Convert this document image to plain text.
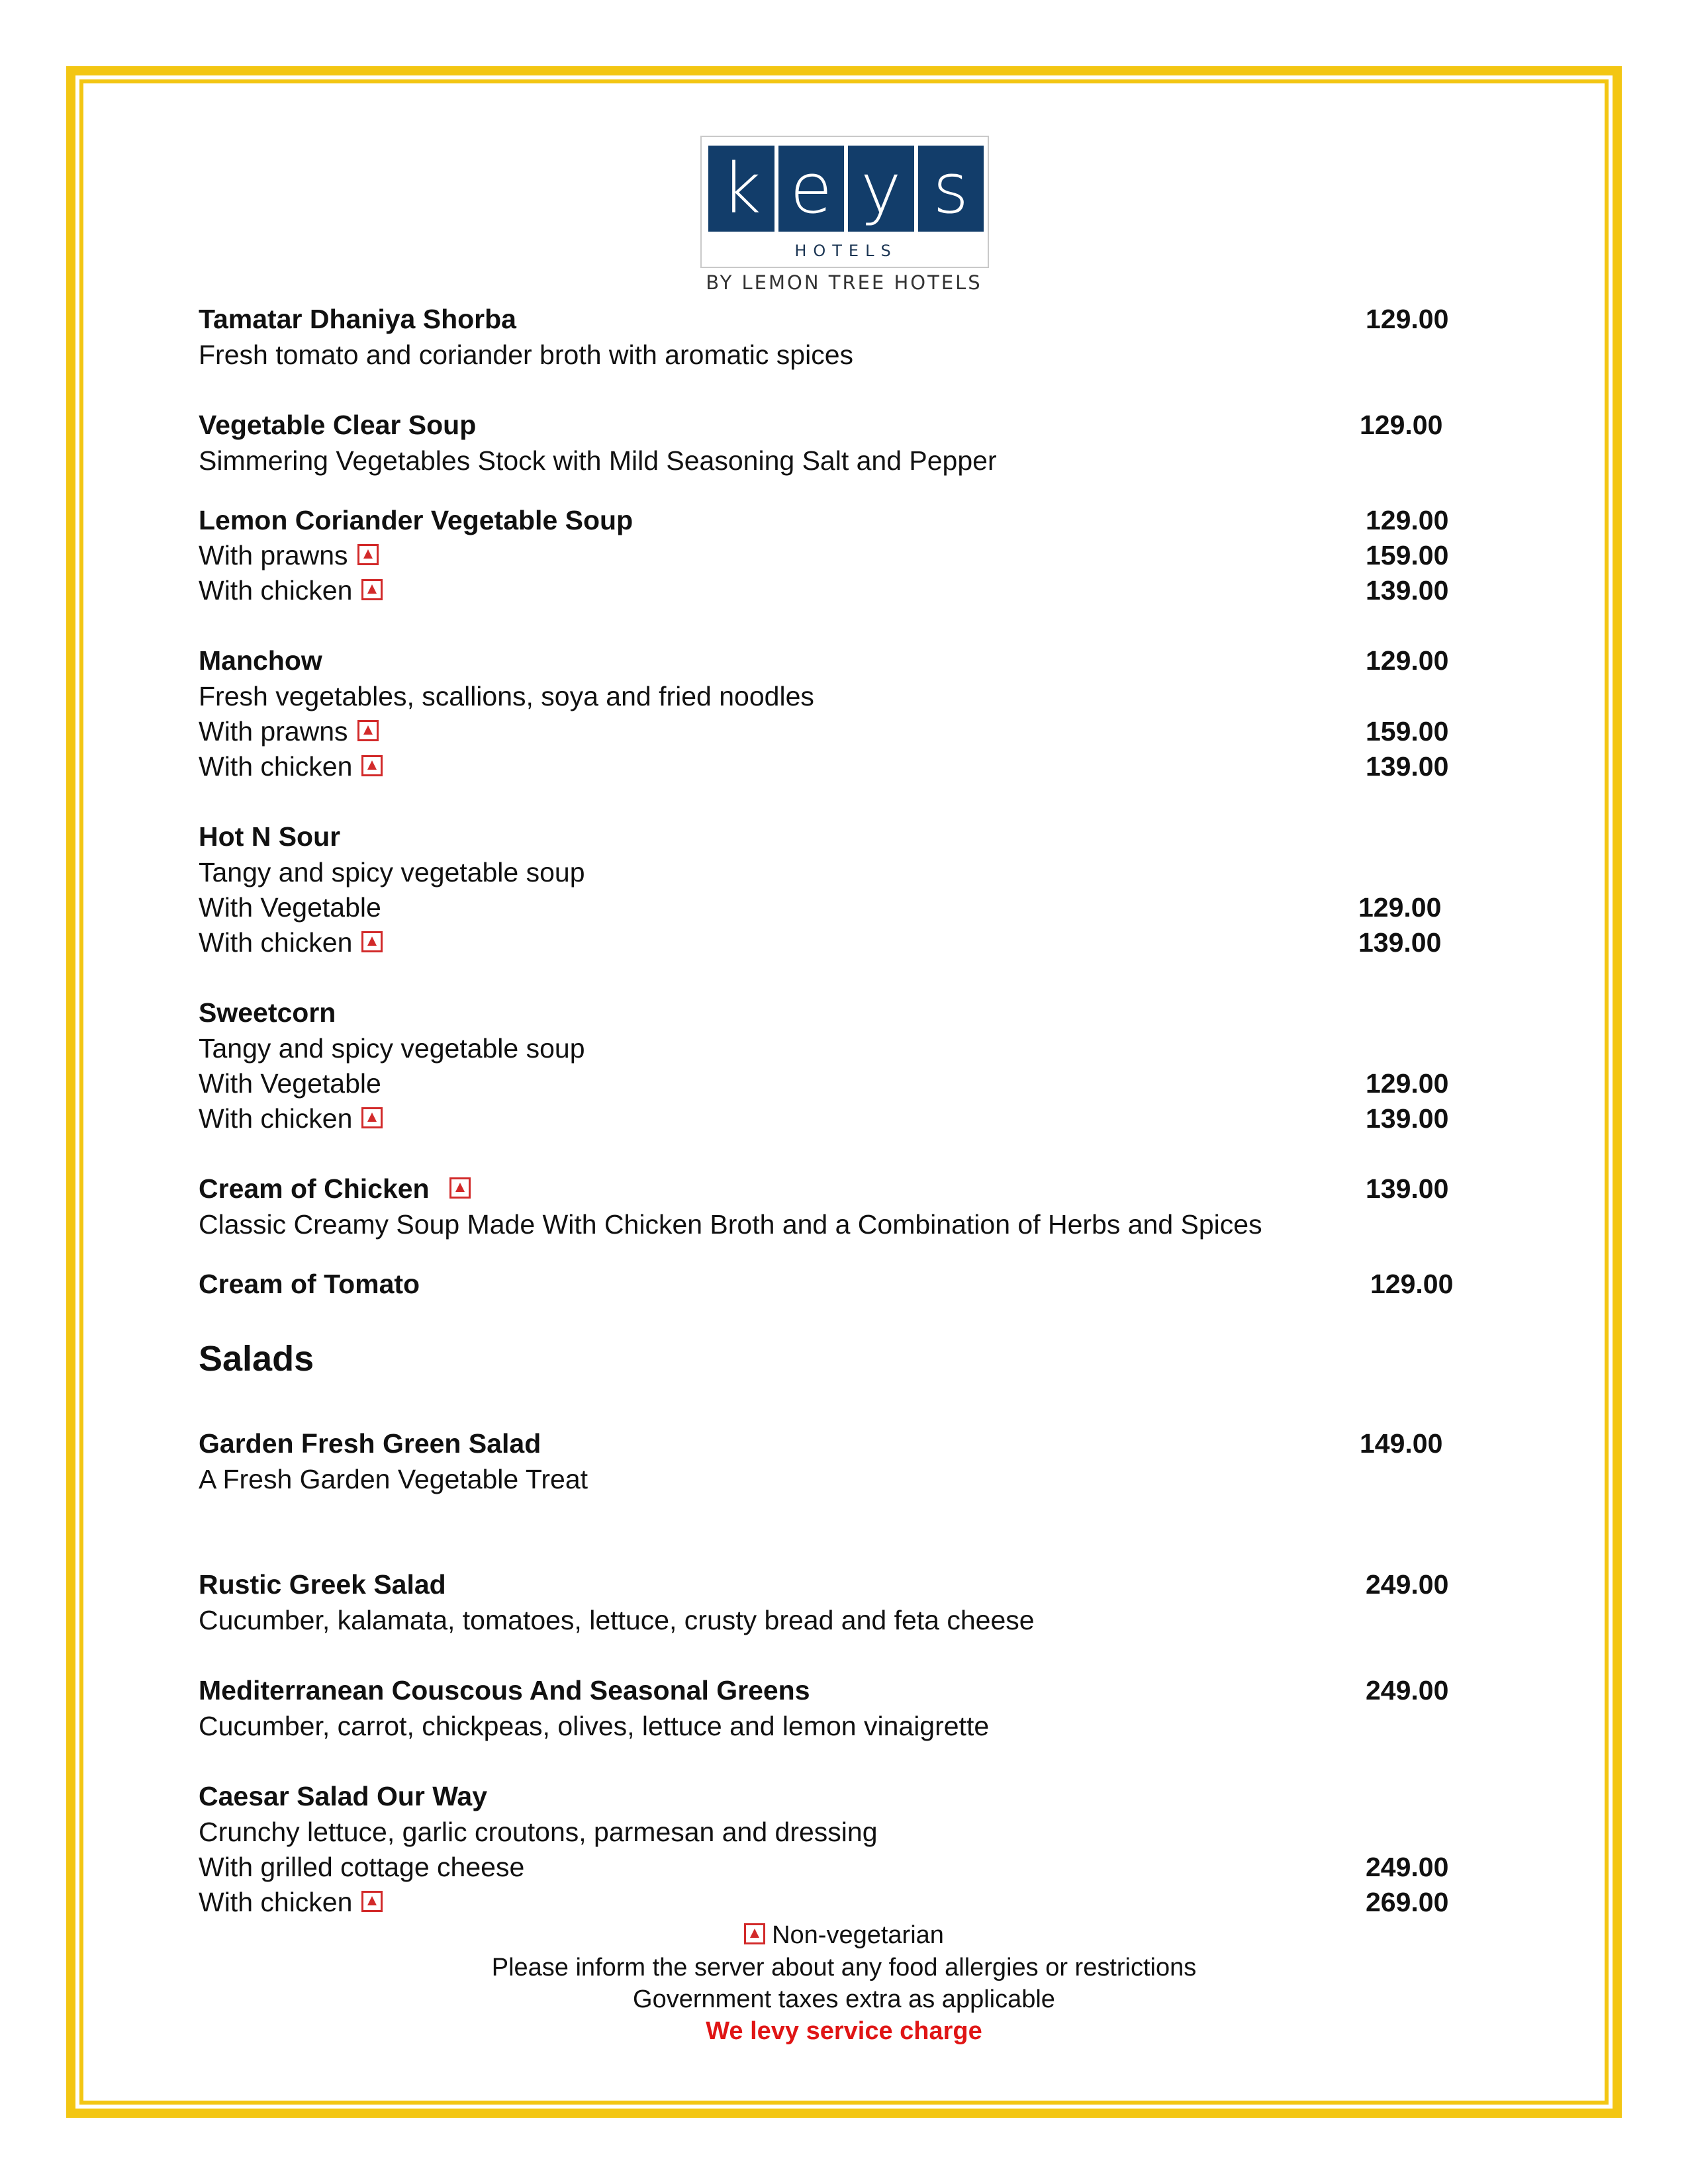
k e y s
HOTELS
BY LEMON TREE HOTELS
Tamatar Dhaniya Shorba	129.00
Fresh tomato and coriander broth with aromatic spices
Vegetable Clear Soup	129.00
Simmering Vegetables Stock with Mild Seasoning Salt and Pepper
Lemon Coriander Vegetable Soup	129.00
With prawns	159.00
With chicken	139.00
Manchow	129.00
Fresh vegetables, scallions, soya and fried noodles
With prawns	159.00
With chicken	139.00
Hot N Sour
Tangy and spicy vegetable soup
With Vegetable	129.00
With chicken	139.00
Sweetcorn
Tangy and spicy vegetable soup
With Vegetable	129.00
With chicken	139.00
Cream of Chicken	139.00
Classic Creamy Soup Made With Chicken Broth and a Combination of Herbs and Spices
Cream of Tomato	129.00
Salads
Garden Fresh Green Salad	149.00
A Fresh Garden Vegetable Treat
Rustic Greek Salad	249.00
Cucumber, kalamata, tomatoes, lettuce, crusty bread and feta cheese
Mediterranean Couscous And Seasonal Greens	249.00
Cucumber, carrot, chickpeas, olives, lettuce and lemon vinaigrette
Caesar Salad Our Way
Crunchy lettuce, garlic croutons, parmesan and dressing
With grilled cottage cheese	249.00
With chicken	269.00
Non-vegetarian
Please inform the server about any food allergies or restrictions
Government taxes extra as applicable
We levy service charge
